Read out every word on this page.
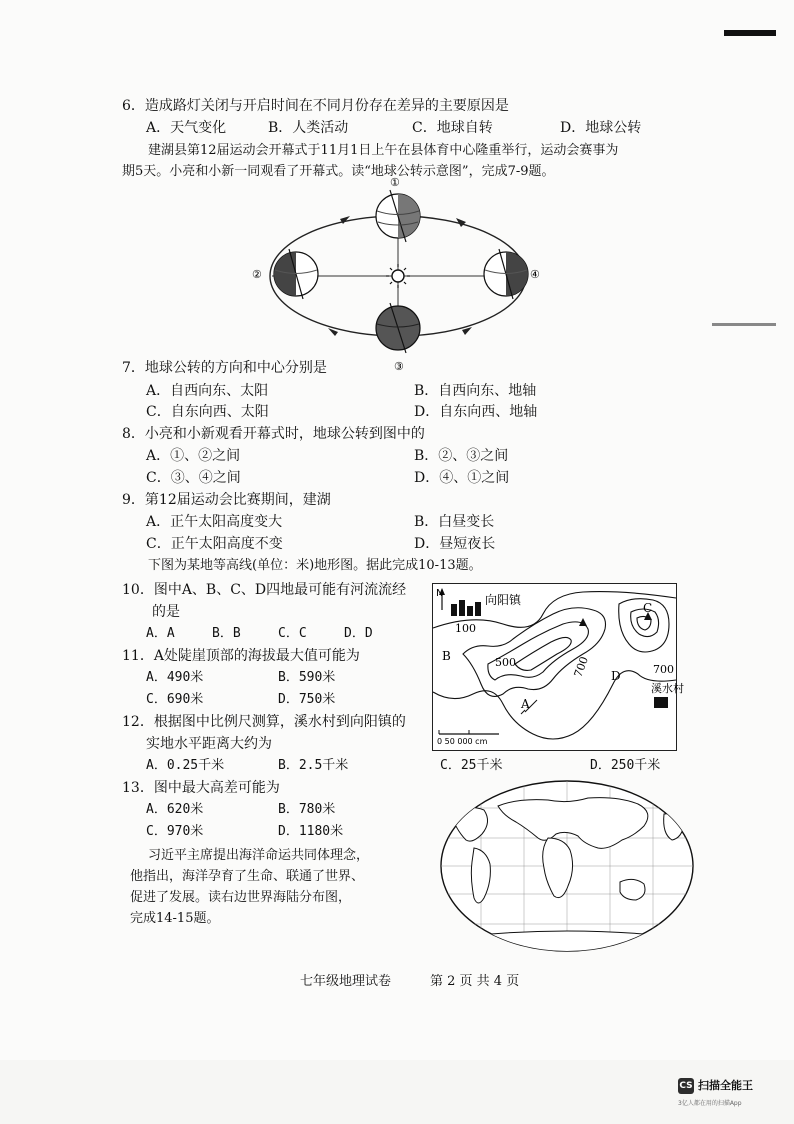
6．造成路灯关闭与开启时间在不同月份存在差异的主要原因是
A．天气变化	B．人类活动	C．地球自转	D．地球公转
建湖县第12届运动会开幕式于11月1日上午在县体育中心隆重举行，运动会赛事为
期5天。小亮和小新一同观看了开幕式。读“地球公转示意图”，完成7-9题。
①
②
③
④
7．地球公转的方向和中心分别是
A．自西向东、太阳	B．自西向东、地轴
C．自东向西、太阳	D．自东向西、地轴
8．小亮和小新观看开幕式时，地球公转到图中的
A．①、②之间	B．②、③之间
C．③、④之间	D．④、①之间
9．第12届运动会比赛期间，建湖
A．正午太阳高度变大	B．白昼变长
C．正午太阳高度不变	D．昼短夜长
下图为某地等高线(单位：米)地形图。据此完成10-13题。
10．图中A、B、C、D四地最可能有河流流经
的是
A．A	B．B	C．C	D．D
11．A处陡崖顶部的海拔最大值可能为
A．490米	B．590米
C．690米	D．750米
12．根据图中比例尺测算，溪水村到向阳镇的
实地水平距离大约为
A．0.25千米	B．2.5千米	C．25千米	D．250千米
13．图中最大高差可能为
A．620米	B．780米
C．970米	D．1180米
习近平主席提出海洋命运共同体理念，
他指出，海洋孕育了生命、联通了世界、
促进了发展。读右边世界海陆分布图，
完成14-15题。
N	向阳镇
100
500	700	700
B
A
C
D
溪水村
0 50 000 cm
七年级地理试卷	第 2 页 共 4 页
CS 扫描全能王
3亿人都在用的扫描App
